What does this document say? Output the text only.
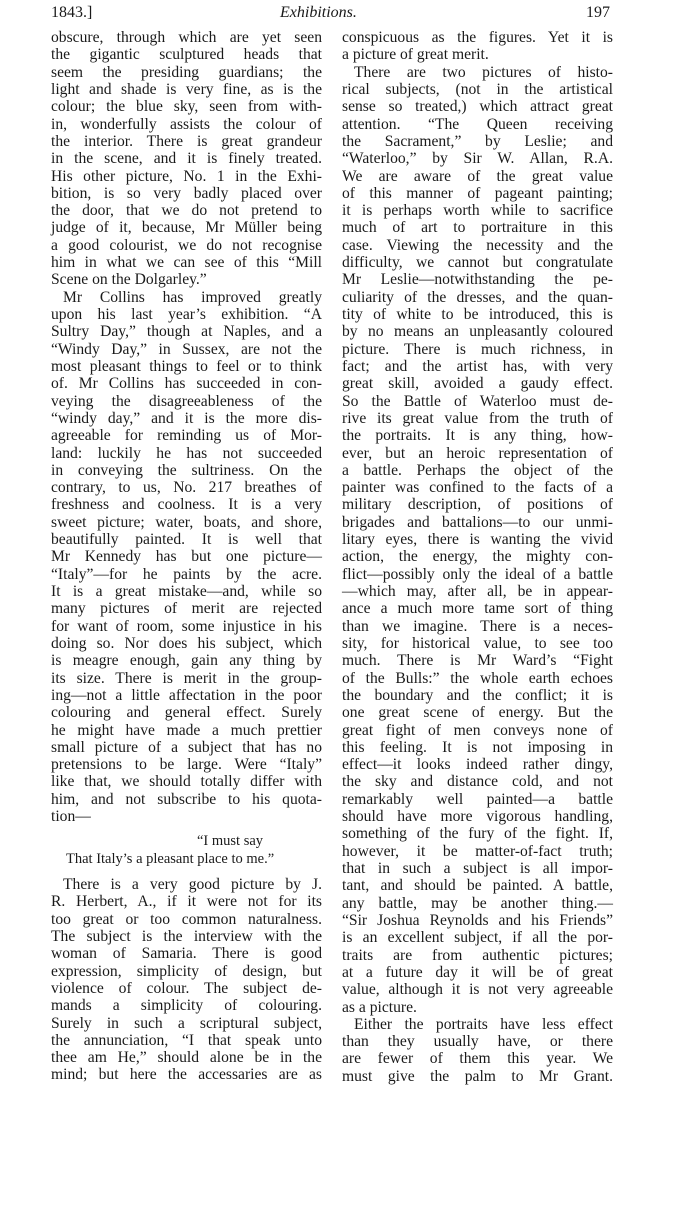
1843.]	Exhibitions.	197
obscure, through which are yet seen
the gigantic sculptured heads that
seem the presiding guardians; the
light and shade is very fine, as is the
colour; the blue sky, seen from with-
in, wonderfully assists the colour of
the interior. There is great grandeur
in the scene, and it is finely treated.
His other picture, No. 1 in the Exhi-
bition, is so very badly placed over
the door, that we do not pretend to
judge of it, because, Mr Müller being
a good colourist, we do not recognise
him in what we can see of this “Mill
Scene on the Dolgarley.”
Mr Collins has improved greatly
upon his last year’s exhibition. “A
Sultry Day,” though at Naples, and a
“Windy Day,” in Sussex, are not the
most pleasant things to feel or to think
of. Mr Collins has succeeded in con-
veying the disagreeableness of the
“windy day,” and it is the more dis-
agreeable for reminding us of Mor-
land: luckily he has not succeeded
in conveying the sultriness. On the
contrary, to us, No. 217 breathes of
freshness and coolness. It is a very
sweet picture; water, boats, and shore,
beautifully painted. It is well that
Mr Kennedy has but one picture—
“Italy”—for he paints by the acre.
It is a great mistake—and, while so
many pictures of merit are rejected
for want of room, some injustice in his
doing so. Nor does his subject, which
is meagre enough, gain any thing by
its size. There is merit in the group-
ing—not a little affectation in the poor
colouring and general effect. Surely
he might have made a much prettier
small picture of a subject that has no
pretensions to be large. Were “Italy”
like that, we should totally differ with
him, and not subscribe to his quota-
tion—
“I must say
That Italy’s a pleasant place to me.”
There is a very good picture by J.
R. Herbert, A., if it were not for its
too great or too common naturalness.
The subject is the interview with the
woman of Samaria. There is good
expression, simplicity of design, but
violence of colour. The subject de-
mands a simplicity of colouring.
Surely in such a scriptural subject,
the annunciation, “I that speak unto
thee am He,” should alone be in the
mind; but here the accessaries are as
conspicuous as the figures. Yet it is
a picture of great merit.
There are two pictures of histo-
rical subjects, (not in the artistical
sense so treated,) which attract great
attention. “The Queen receiving
the Sacrament,” by Leslie; and
“Waterloo,” by Sir W. Allan, R.A.
We are aware of the great value
of this manner of pageant painting;
it is perhaps worth while to sacrifice
much of art to portraiture in this
case. Viewing the necessity and the
difficulty, we cannot but congratulate
Mr Leslie—notwithstanding the pe-
culiarity of the dresses, and the quan-
tity of white to be introduced, this is
by no means an unpleasantly coloured
picture. There is much richness, in
fact; and the artist has, with very
great skill, avoided a gaudy effect.
So the Battle of Waterloo must de-
rive its great value from the truth of
the portraits. It is any thing, how-
ever, but an heroic representation of
a battle. Perhaps the object of the
painter was confined to the facts of a
military description, of positions of
brigades and battalions—to our unmi-
litary eyes, there is wanting the vivid
action, the energy, the mighty con-
flict—possibly only the ideal of a battle
—which may, after all, be in appear-
ance a much more tame sort of thing
than we imagine. There is a neces-
sity, for historical value, to see too
much. There is Mr Ward’s “Fight
of the Bulls:” the whole earth echoes
the boundary and the conflict; it is
one great scene of energy. But the
great fight of men conveys none of
this feeling. It is not imposing in
effect—it looks indeed rather dingy,
the sky and distance cold, and not
remarkably well painted—a battle
should have more vigorous handling,
something of the fury of the fight. If,
however, it be matter-of-fact truth;
that in such a subject is all impor-
tant, and should be painted. A battle,
any battle, may be another thing.—
“Sir Joshua Reynolds and his Friends”
is an excellent subject, if all the por-
traits are from authentic pictures;
at a future day it will be of great
value, although it is not very agreeable
as a picture.
Either the portraits have less effect
than they usually have, or there
are fewer of them this year. We
must give the palm to Mr Grant.
